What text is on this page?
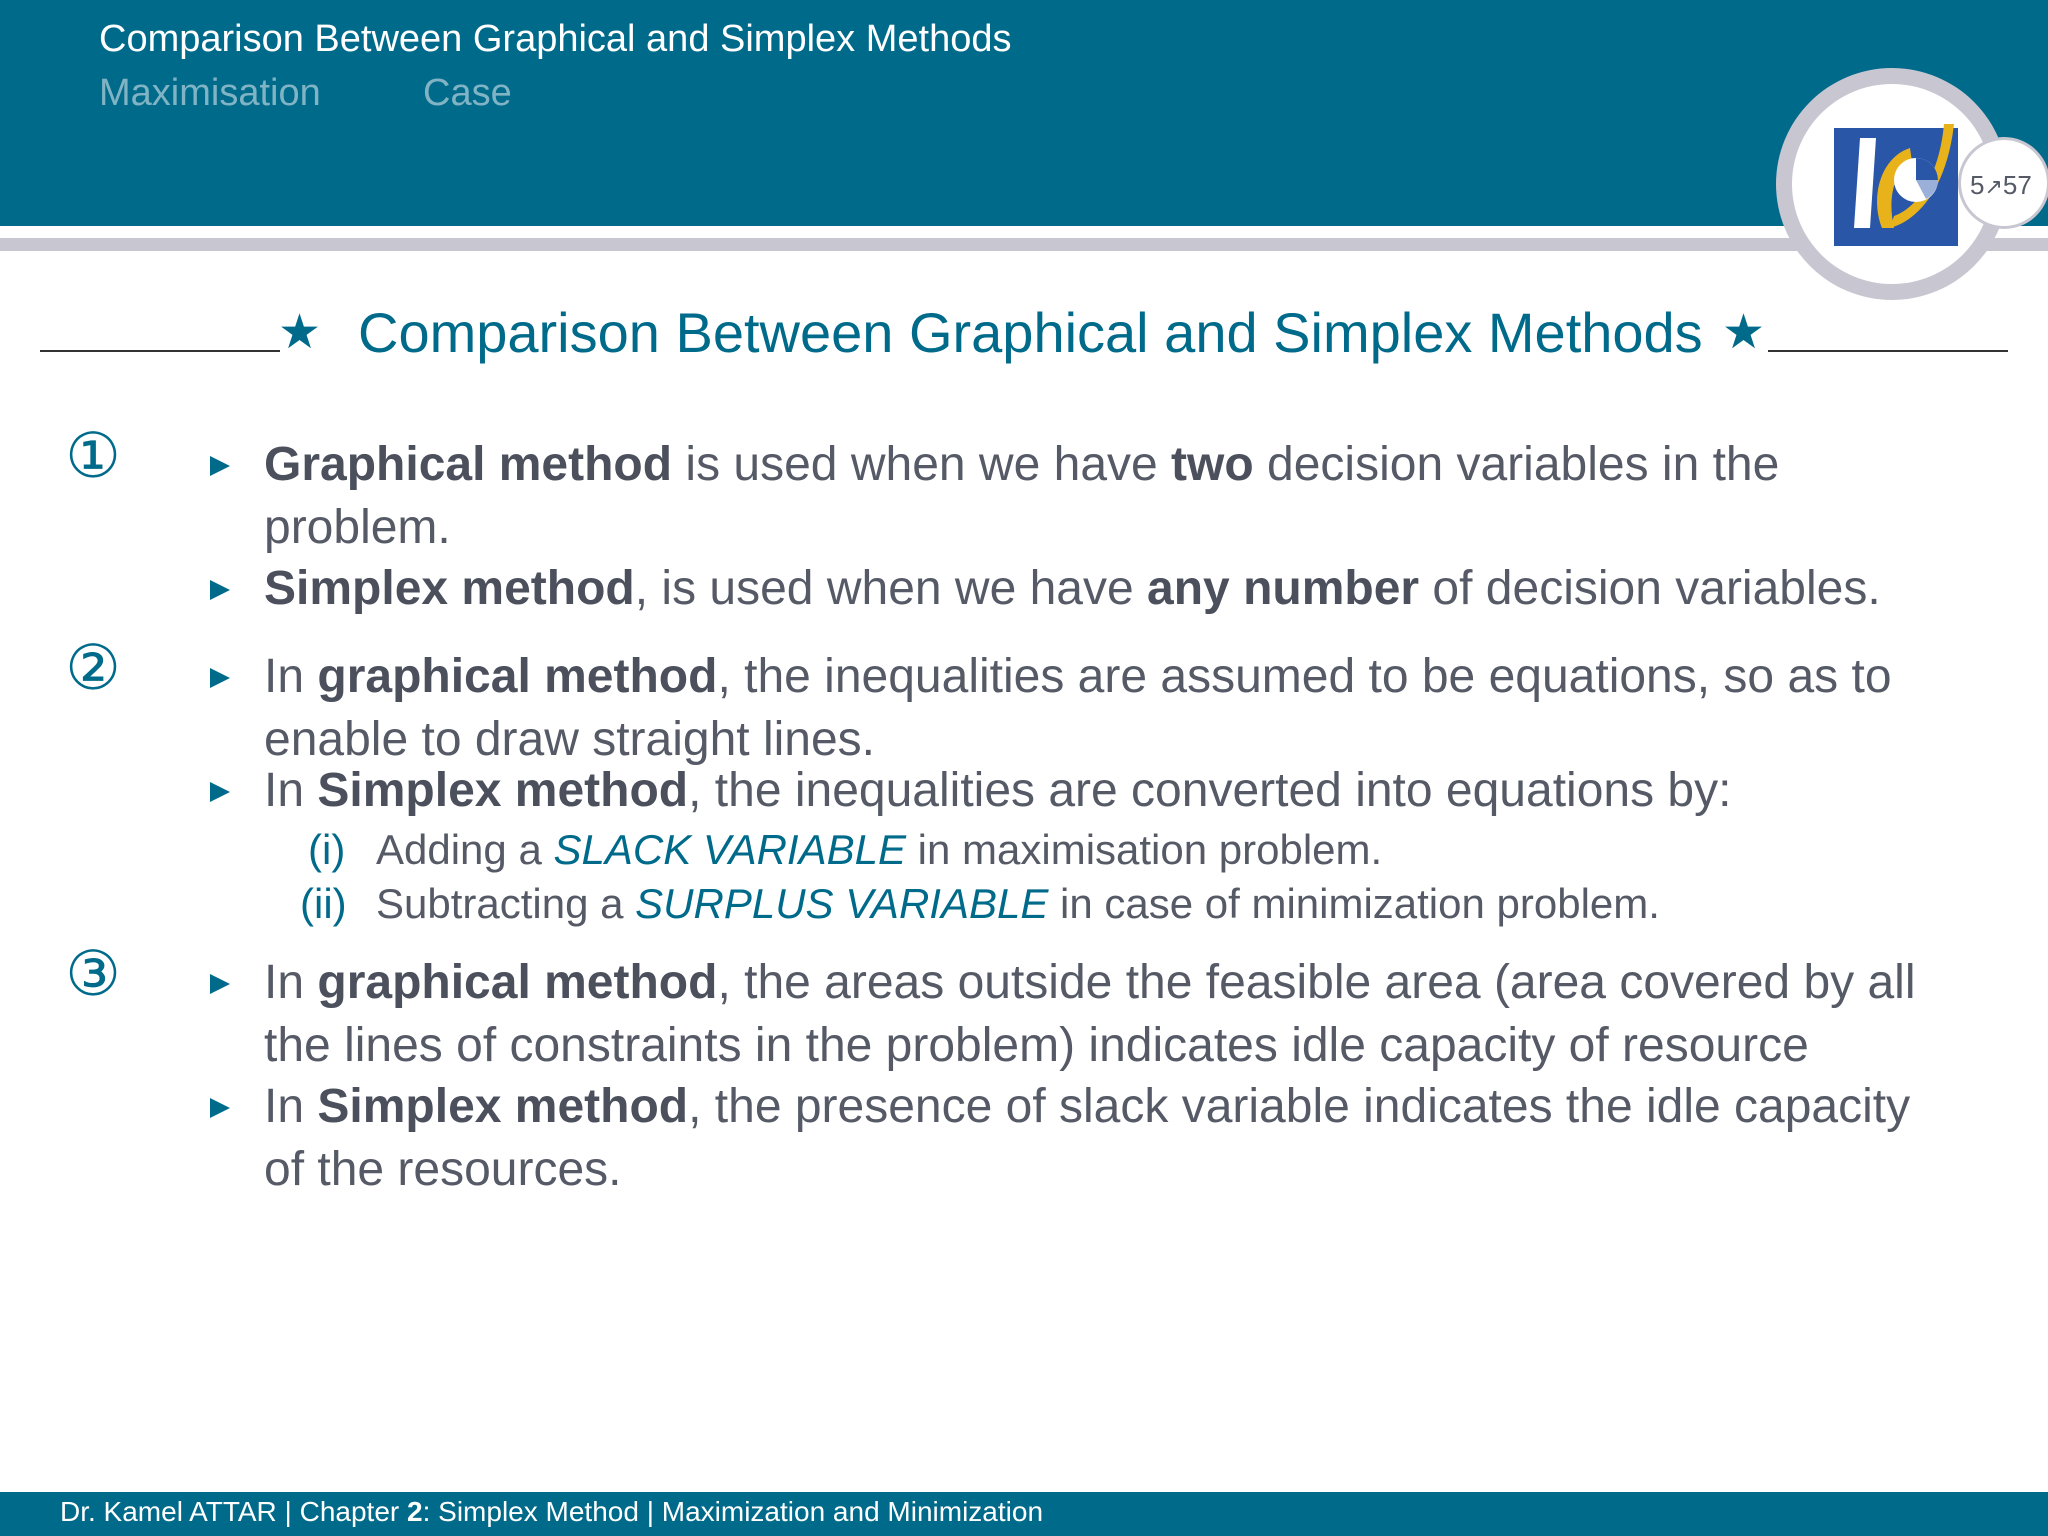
Comparison Between Graphical and Simplex Methods
Maximisation	Case
5↗57
★ Comparison Between Graphical and Simplex Methods ★
①	Graphical method is used when we have two decision variables in the
problem.
Simplex method, is used when we have any number of decision variables.
②	In graphical method, the inequalities are assumed to be equations, so as to
enable to draw straight lines.
In Simplex method, the inequalities are converted into equations by:
(i) Adding a SLACK VARIABLE in maximisation problem.
(ii) Subtracting a SURPLUS VARIABLE in case of minimization problem.
③	In graphical method, the areas outside the feasible area (area covered by all
the lines of constraints in the problem) indicates idle capacity of resource
In Simplex method, the presence of slack variable indicates the idle capacity
of the resources.
Dr. Kamel ATTAR | Chapter 2: Simplex Method | Maximization and Minimization
